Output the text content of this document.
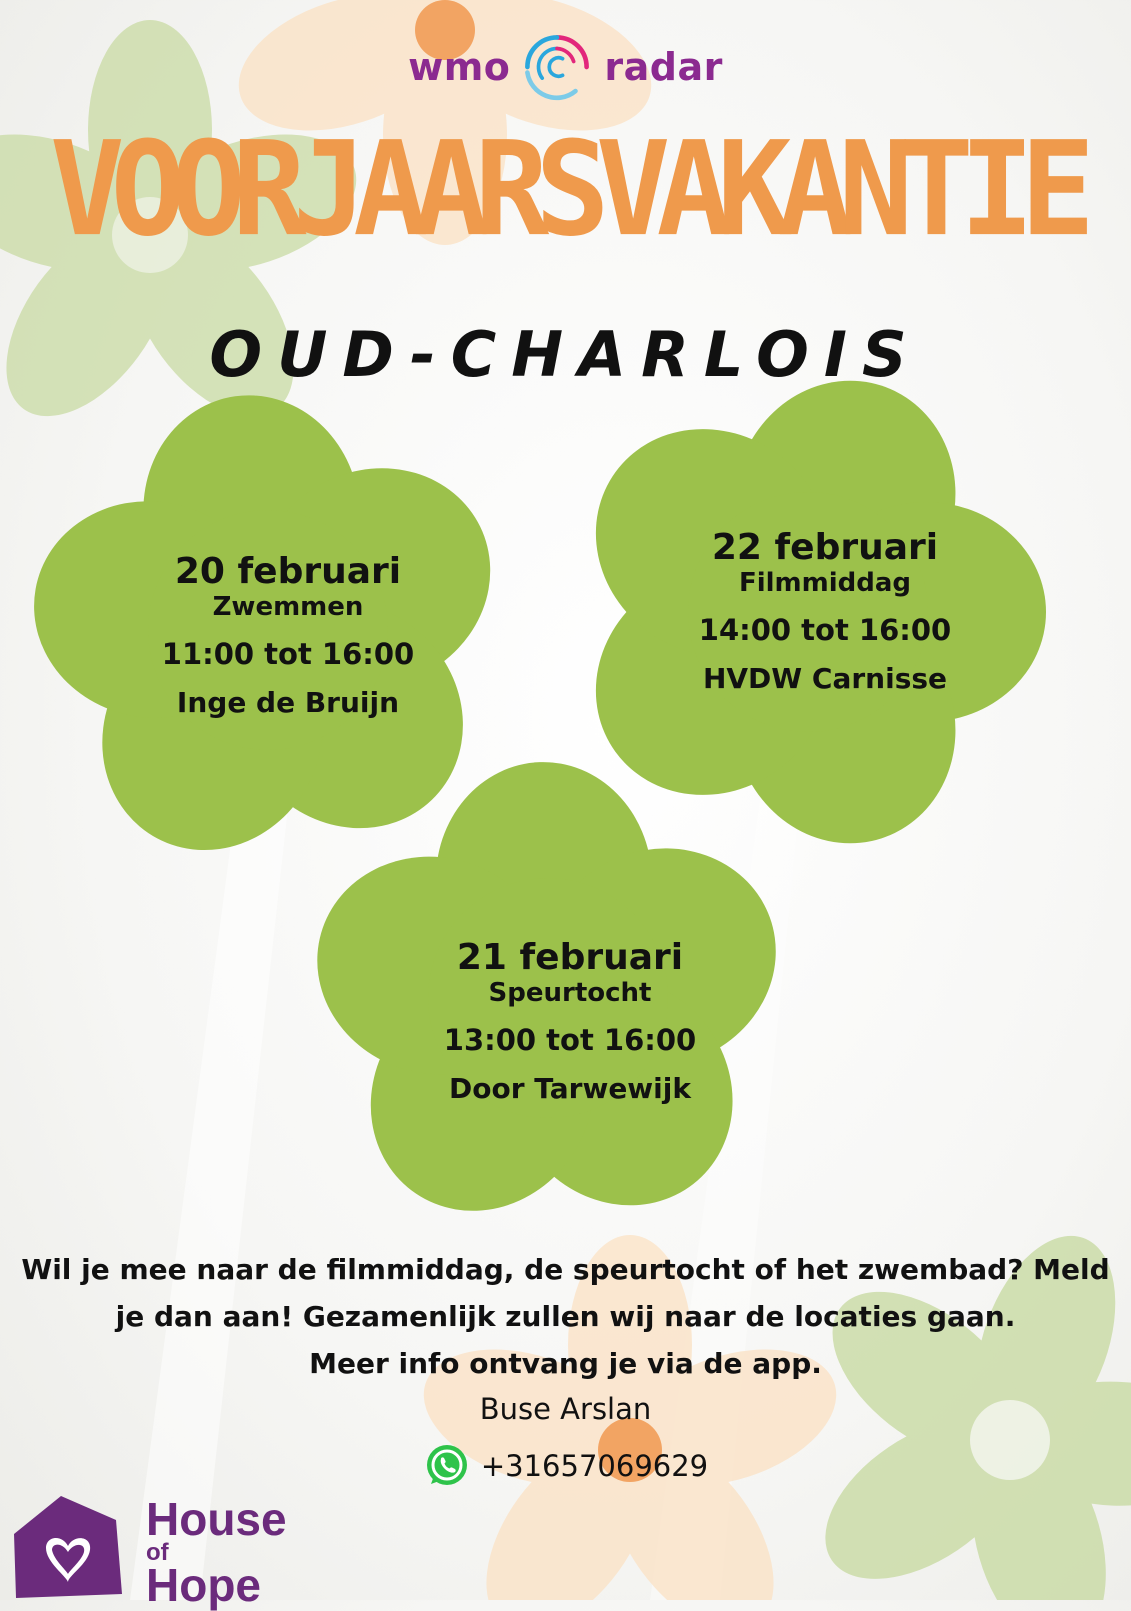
wmo radar
VOORJAARSVAKANTIE
OUD-CHARLOIS
20 februari
Zwemmen
11:00 tot 16:00
Inge de Bruijn
22 februari
Filmmiddag
14:00 tot 16:00
HVDW Carnisse
21 februari
Speurtocht
13:00 tot 16:00
Door Tarwewijk
Wil je mee naar de filmmiddag, de speurtocht of het zwembad? Meld
je dan aan! Gezamenlijk zullen wij naar de locaties gaan.
Meer info ontvang je via de app.
Buse Arslan
+31657069629
House
of Hope
